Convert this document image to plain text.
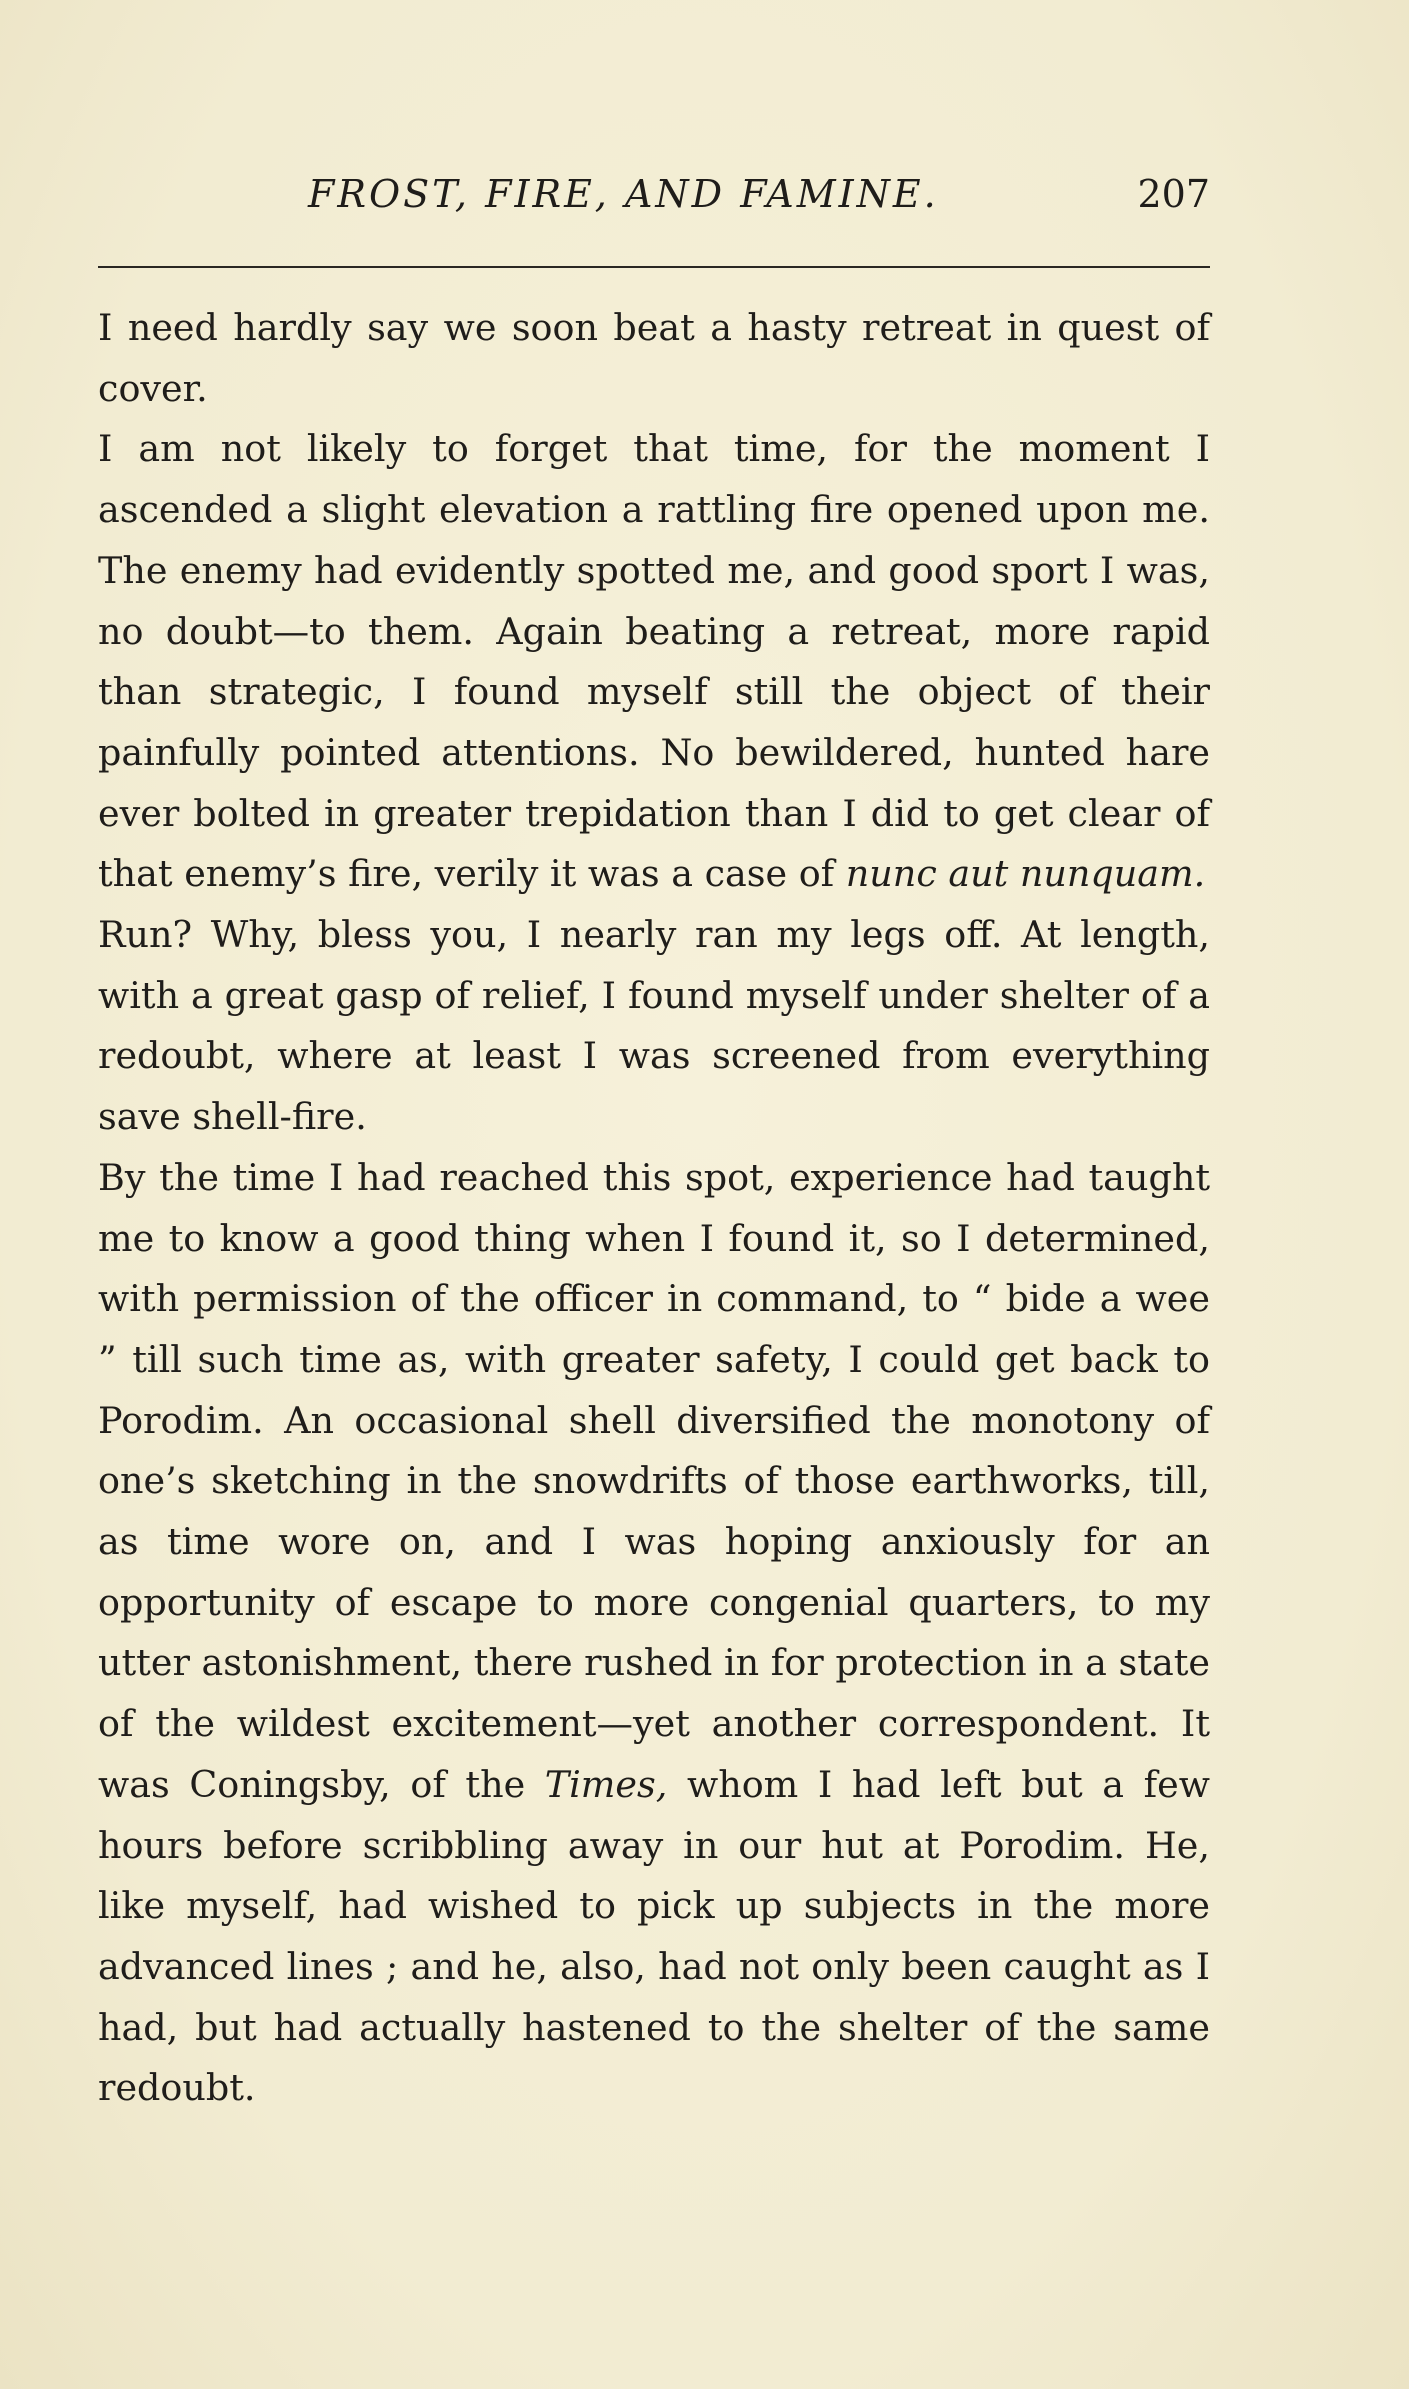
FROST, FIRE, AND FAMINE.	207

I need hardly say we soon beat a hasty retreat in quest of cover.

I am not likely to forget that time, for the moment I ascended a slight elevation a rattling fire opened upon me. The enemy had evidently spotted me, and good sport I was, no doubt—to them. Again beating a retreat, more rapid than strategic, I found myself still the object of their painfully pointed attentions. No bewildered, hunted hare ever bolted in greater trepidation than I did to get clear of that enemy’s fire, verily it was a case of nunc aut nunquam.

Run? Why, bless you, I nearly ran my legs off. At length, with a great gasp of relief, I found myself under shelter of a redoubt, where at least I was screened from everything save shell-fire.

By the time I had reached this spot, experience had taught me to know a good thing when I found it, so I determined, with permission of the officer in command, to “ bide a wee ” till such time as, with greater safety, I could get back to Porodim. An occasional shell diversified the monotony of one’s sketching in the snowdrifts of those earthworks, till, as time wore on, and I was hoping anxiously for an opportunity of escape to more congenial quarters, to my utter astonishment, there rushed in for protection in a state of the wildest excitement—yet another correspondent. It was Coningsby, of the Times, whom I had left but a few hours before scribbling away in our hut at Porodim. He, like myself, had wished to pick up subjects in the more advanced lines ; and he, also, had not only been caught as I had, but had actually hastened to the shelter of the same redoubt.
